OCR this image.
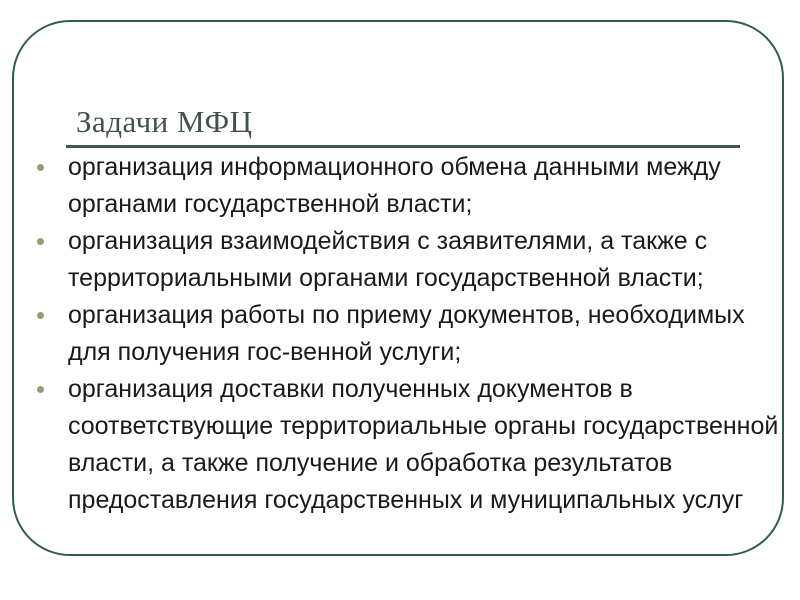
Задачи МФЦ
организация информационного обмена данными между органами государственной власти;
организация взаимодействия с заявителями, а также с территориальными органами государственной власти;
организация работы по приему документов, необходимых для получения гос-венной услуги;
организация доставки полученных документов в соответствующие территориальные органы государственной власти, а также получение и обработка результатов предоставления государственных и муниципальных услуг
